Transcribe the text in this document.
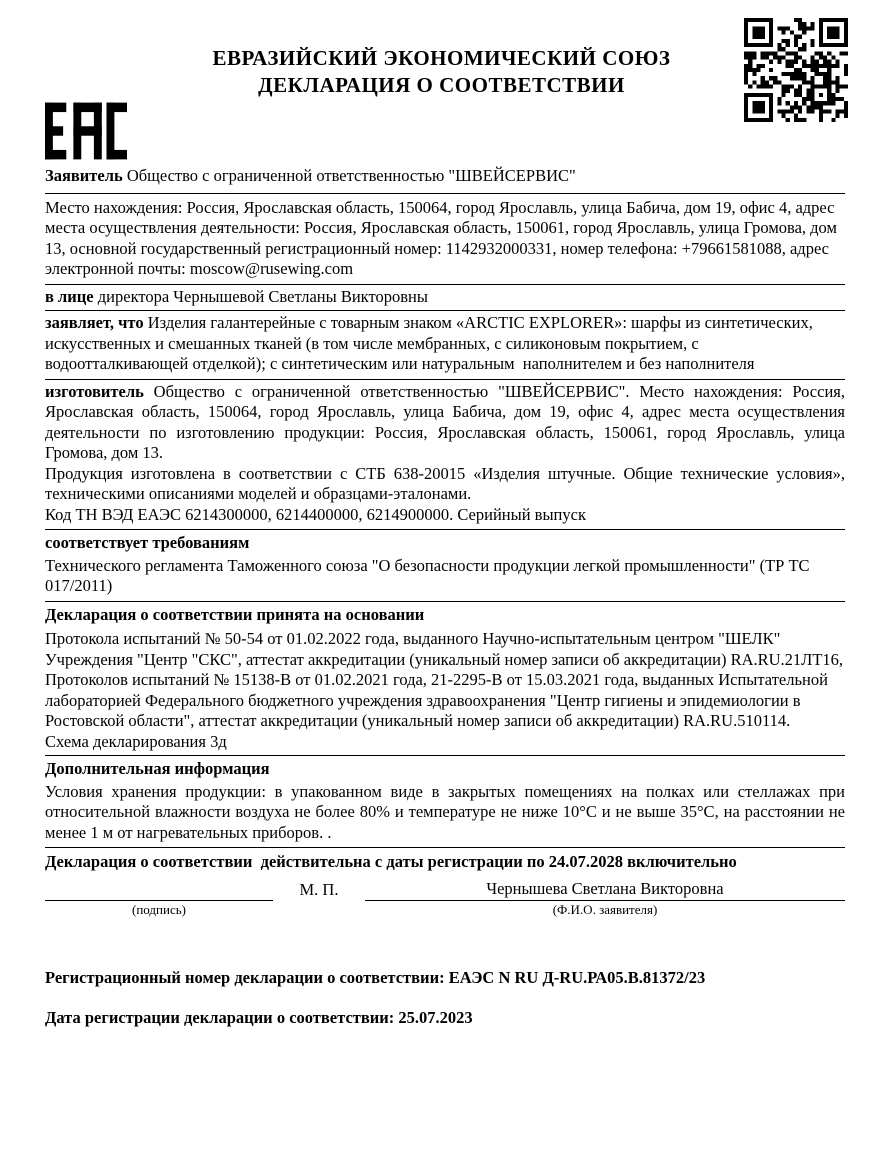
ЕВРАЗИЙСКИЙ ЭКОНОМИЧЕСКИЙ СОЮЗ
ДЕКЛАРАЦИЯ О СООТВЕТСТВИИ

Заявитель Общество с ограниченной ответственностью "ШВЕЙСЕРВИС"

Место нахождения: Россия, Ярославская область, 150064, город Ярославль, улица Бабича, дом 19, офис 4, адрес места осуществления деятельности: Россия, Ярославская область, 150061, город Ярославль, улица Громова, дом 13, основной государственный регистрационный номер: 1142932000331, номер телефона: +79661581088, адрес электронной почты: moscow@rusewing.com

в лице директора Чернышевой Светланы Викторовны

заявляет, что Изделия галантерейные с товарным знаком «ARCTIC EXPLORER»: шарфы из синтетических, искусственных и смешанных тканей (в том числе мембранных, с силиконовым покрытием, с водоотталкивающей отделкой); с синтетическим или натуральным  наполнителем и без наполнителя

изготовитель Общество с ограниченной ответственностью "ШВЕЙСЕРВИС". Место нахождения: Россия, Ярославская область, 150064, город Ярославль, улица Бабича, дом 19, офис 4, адрес места осуществления деятельности по изготовлению продукции: Россия, Ярославская область, 150061, город Ярославль, улица Громова, дом 13.

Продукция изготовлена в соответствии с СТБ 638-20015 «Изделия штучные. Общие технические условия», техническими описаниями моделей и образцами-эталонами.

Код ТН ВЭД ЕАЭС 6214300000, 6214400000, 6214900000. Серийный выпуск

соответствует требованиям

Технического регламента Таможенного союза "О безопасности продукции легкой промышленности" (ТР ТС 017/2011)

Декларация о соответствии принята на основании

Протокола испытаний № 50-54 от 01.02.2022 года, выданного Научно-испытательным центром "ШЕЛК" Учреждения "Центр "СКС", аттестат аккредитации (уникальный номер записи об аккредитации) RA.RU.21ЛТ16, Протоколов испытаний № 15138-В от 01.02.2021 года, 21-2295-В от 15.03.2021 года, выданных Испытательной лабораторией Федерального бюджетного учреждения здравоохранения "Центр гигиены и эпидемиологии в Ростовской области", аттестат аккредитации (уникальный номер записи об аккредитации) RA.RU.510114.

Схема декларирования 3д

Дополнительная информация

Условия хранения продукции: в упакованном виде в закрытых помещениях на полках или стеллажах при относительной влажности воздуха не более 80% и температуре не ниже 10°С и не выше 35°С, на расстоянии не менее 1 м от нагревательных приборов. .

Декларация о соответствии  действительна с даты регистрации по 24.07.2028 включительно

М. П.	Чернышева Светлана Викторовна
(подпись)	(Ф.И.О. заявителя)

Регистрационный номер декларации о соответствии: ЕАЭС N RU Д-RU.РА05.В.81372/23

Дата регистрации декларации о соответствии: 25.07.2023
